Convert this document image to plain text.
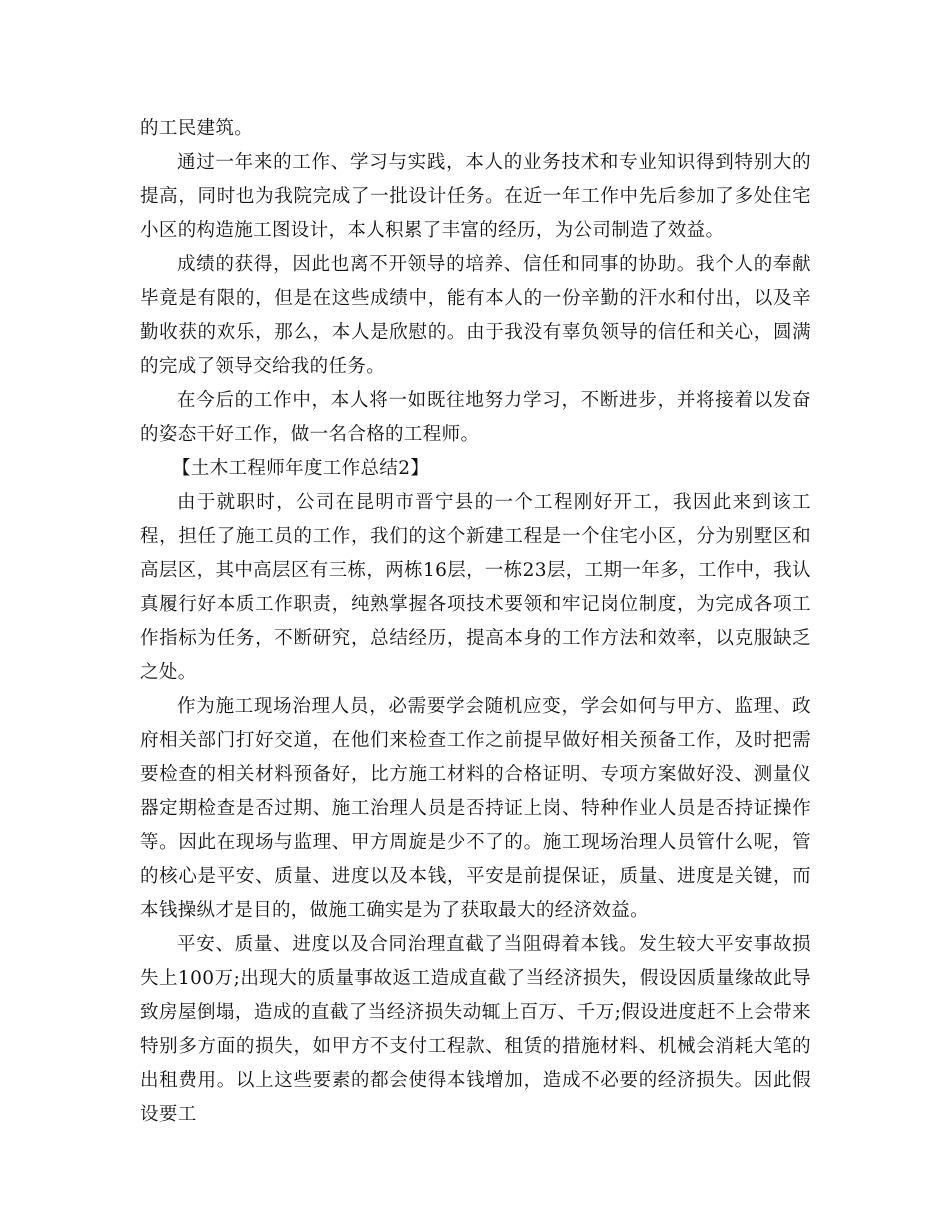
的工民建筑。

通过一年来的工作、学习与实践，本人的业务技术和专业知识得到特别大的提高，同时也为我院完成了一批设计任务。在近一年工作中先后参加了多处住宅小区的构造施工图设计，本人积累了丰富的经历，为公司制造了效益。

成绩的获得，因此也离不开领导的培养、信任和同事的协助。我个人的奉献毕竟是有限的，但是在这些成绩中，能有本人的一份辛勤的汗水和付出，以及辛勤收获的欢乐，那么，本人是欣慰的。由于我没有辜负领导的信任和关心，圆满的完成了领导交给我的任务。

在今后的工作中，本人将一如既往地努力学习，不断进步，并将接着以发奋的姿态干好工作，做一名合格的工程师。

【土木工程师年度工作总结2】

由于就职时，公司在昆明市晋宁县的一个工程刚好开工，我因此来到该工程，担任了施工员的工作，我们的这个新建工程是一个住宅小区，分为别墅区和高层区，其中高层区有三栋，两栋16层，一栋23层，工期一年多，工作中，我认真履行好本质工作职责，纯熟掌握各项技术要领和牢记岗位制度，为完成各项工作指标为任务，不断研究，总结经历，提高本身的工作方法和效率，以克服缺乏之处。

作为施工现场治理人员，必需要学会随机应变，学会如何与甲方、监理、政府相关部门打好交道，在他们来检查工作之前提早做好相关预备工作，及时把需要检查的相关材料预备好，比方施工材料的合格证明、专项方案做好没、测量仪器定期检查是否过期、施工治理人员是否持证上岗、特种作业人员是否持证操作等。因此在现场与监理、甲方周旋是少不了的。施工现场治理人员管什么呢，管的核心是平安、质量、进度以及本钱，平安是前提保证，质量、进度是关键，而本钱操纵才是目的，做施工确实是为了获取最大的经济效益。

平安、质量、进度以及合同治理直截了当阻碍着本钱。发生较大平安事故损失上100万;出现大的质量事故返工造成直截了当经济损失，假设因质量缘故此导致房屋倒塌，造成的直截了当经济损失动辄上百万、千万;假设进度赶不上会带来特别多方面的损失，如甲方不支付工程款、租赁的措施材料、机械会消耗大笔的出租费用。以上这些要素的都会使得本钱增加，造成不必要的经济损失。因此假设要工
